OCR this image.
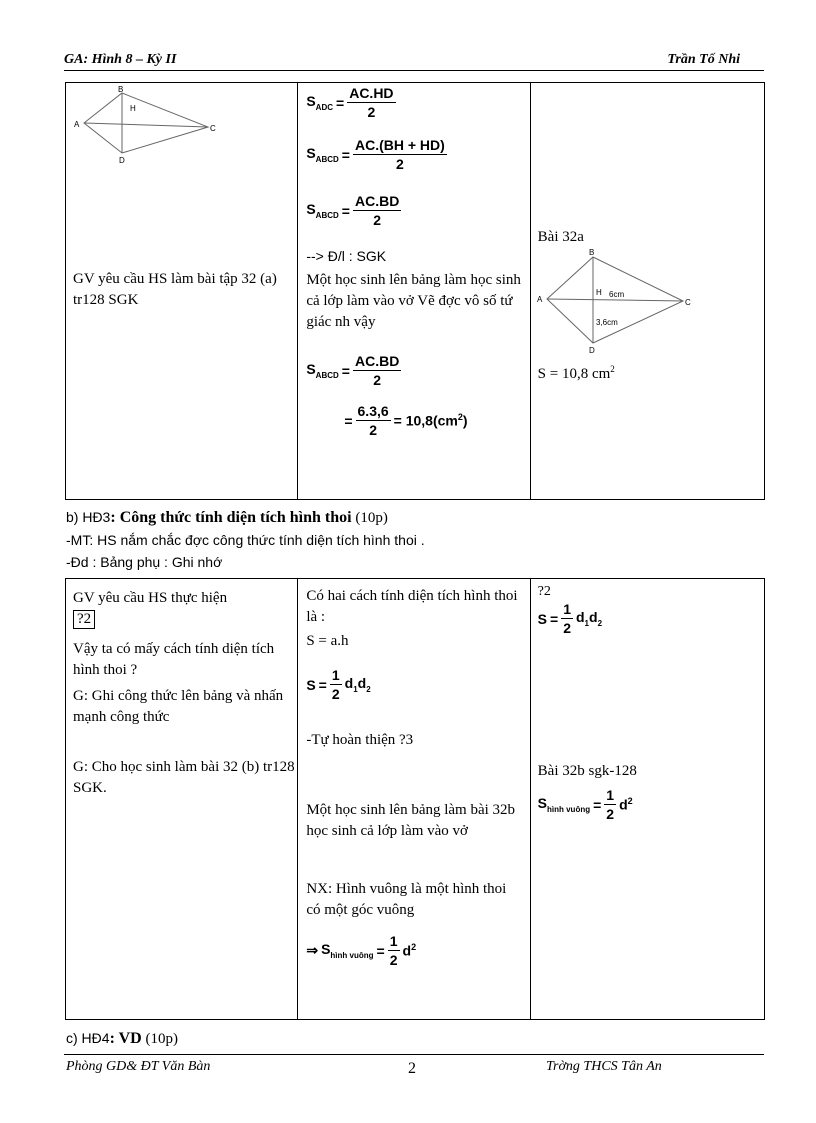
GA: Hình 8 – Kỳ II	Trần Tố Nhi
A
B
C
D
H
GV yêu cầu HS làm bài tập 32 (a) tr128 SGK

$S_{ADC} = \frac{AC.HD}{2}$
$S_{ABCD} = \frac{AC.(BH + HD)}{2}$
$S_{ABCD} = \frac{AC.BD}{2}$
--> Đ/l : SGK
Một học sinh lên bảng làm học sinh cả lớp làm vào vở Vẽ đợc vô số tứ giác nh vậy
$S_{ABCD} = \frac{AC.BD}{2}$
= $\frac{6.3,6}{2} = 10,8(cm^2)$

Bài 32a
A
B
C
D
H 6cm
3,6cm
S = 10,8 $cm^2$
b) HĐ3: Công thức tính diện tích hình thoi (10p)
-MT: HS nắm chắc đợc công thức tính diện tích hình thoi .
-Đd : Bảng phụ : Ghi nhớ
GV yêu cầu HS thực hiện
?2
Vậy ta có mấy cách tính diện tích hình thoi ?
G: Ghi công thức lên bảng và nhấn mạnh công thức
G: Cho học sinh làm bài 32 (b) tr128 SGK.

Có hai cách tính diện tích hình thoi là :
S = a.h
$S = \frac{1}{2} d_1d_2$
-Tự hoàn thiện ?3
Một học sinh lên bảng làm bài 32b học sinh cả lớp làm vào vở
NX: Hình vuông là một hình thoi có một góc vuông
⇒ $S_{hình vuông} = \frac{1}{2} d^2$

?2
$S = \frac{1}{2} d_1d_2$
Bài 32b sgk-128
$S_{hình vuông} = \frac{1}{2} d^2$
c) HĐ4: VD (10p)
Phòng GD& ĐT Văn Bàn	2	Trờng THCS Tân An
